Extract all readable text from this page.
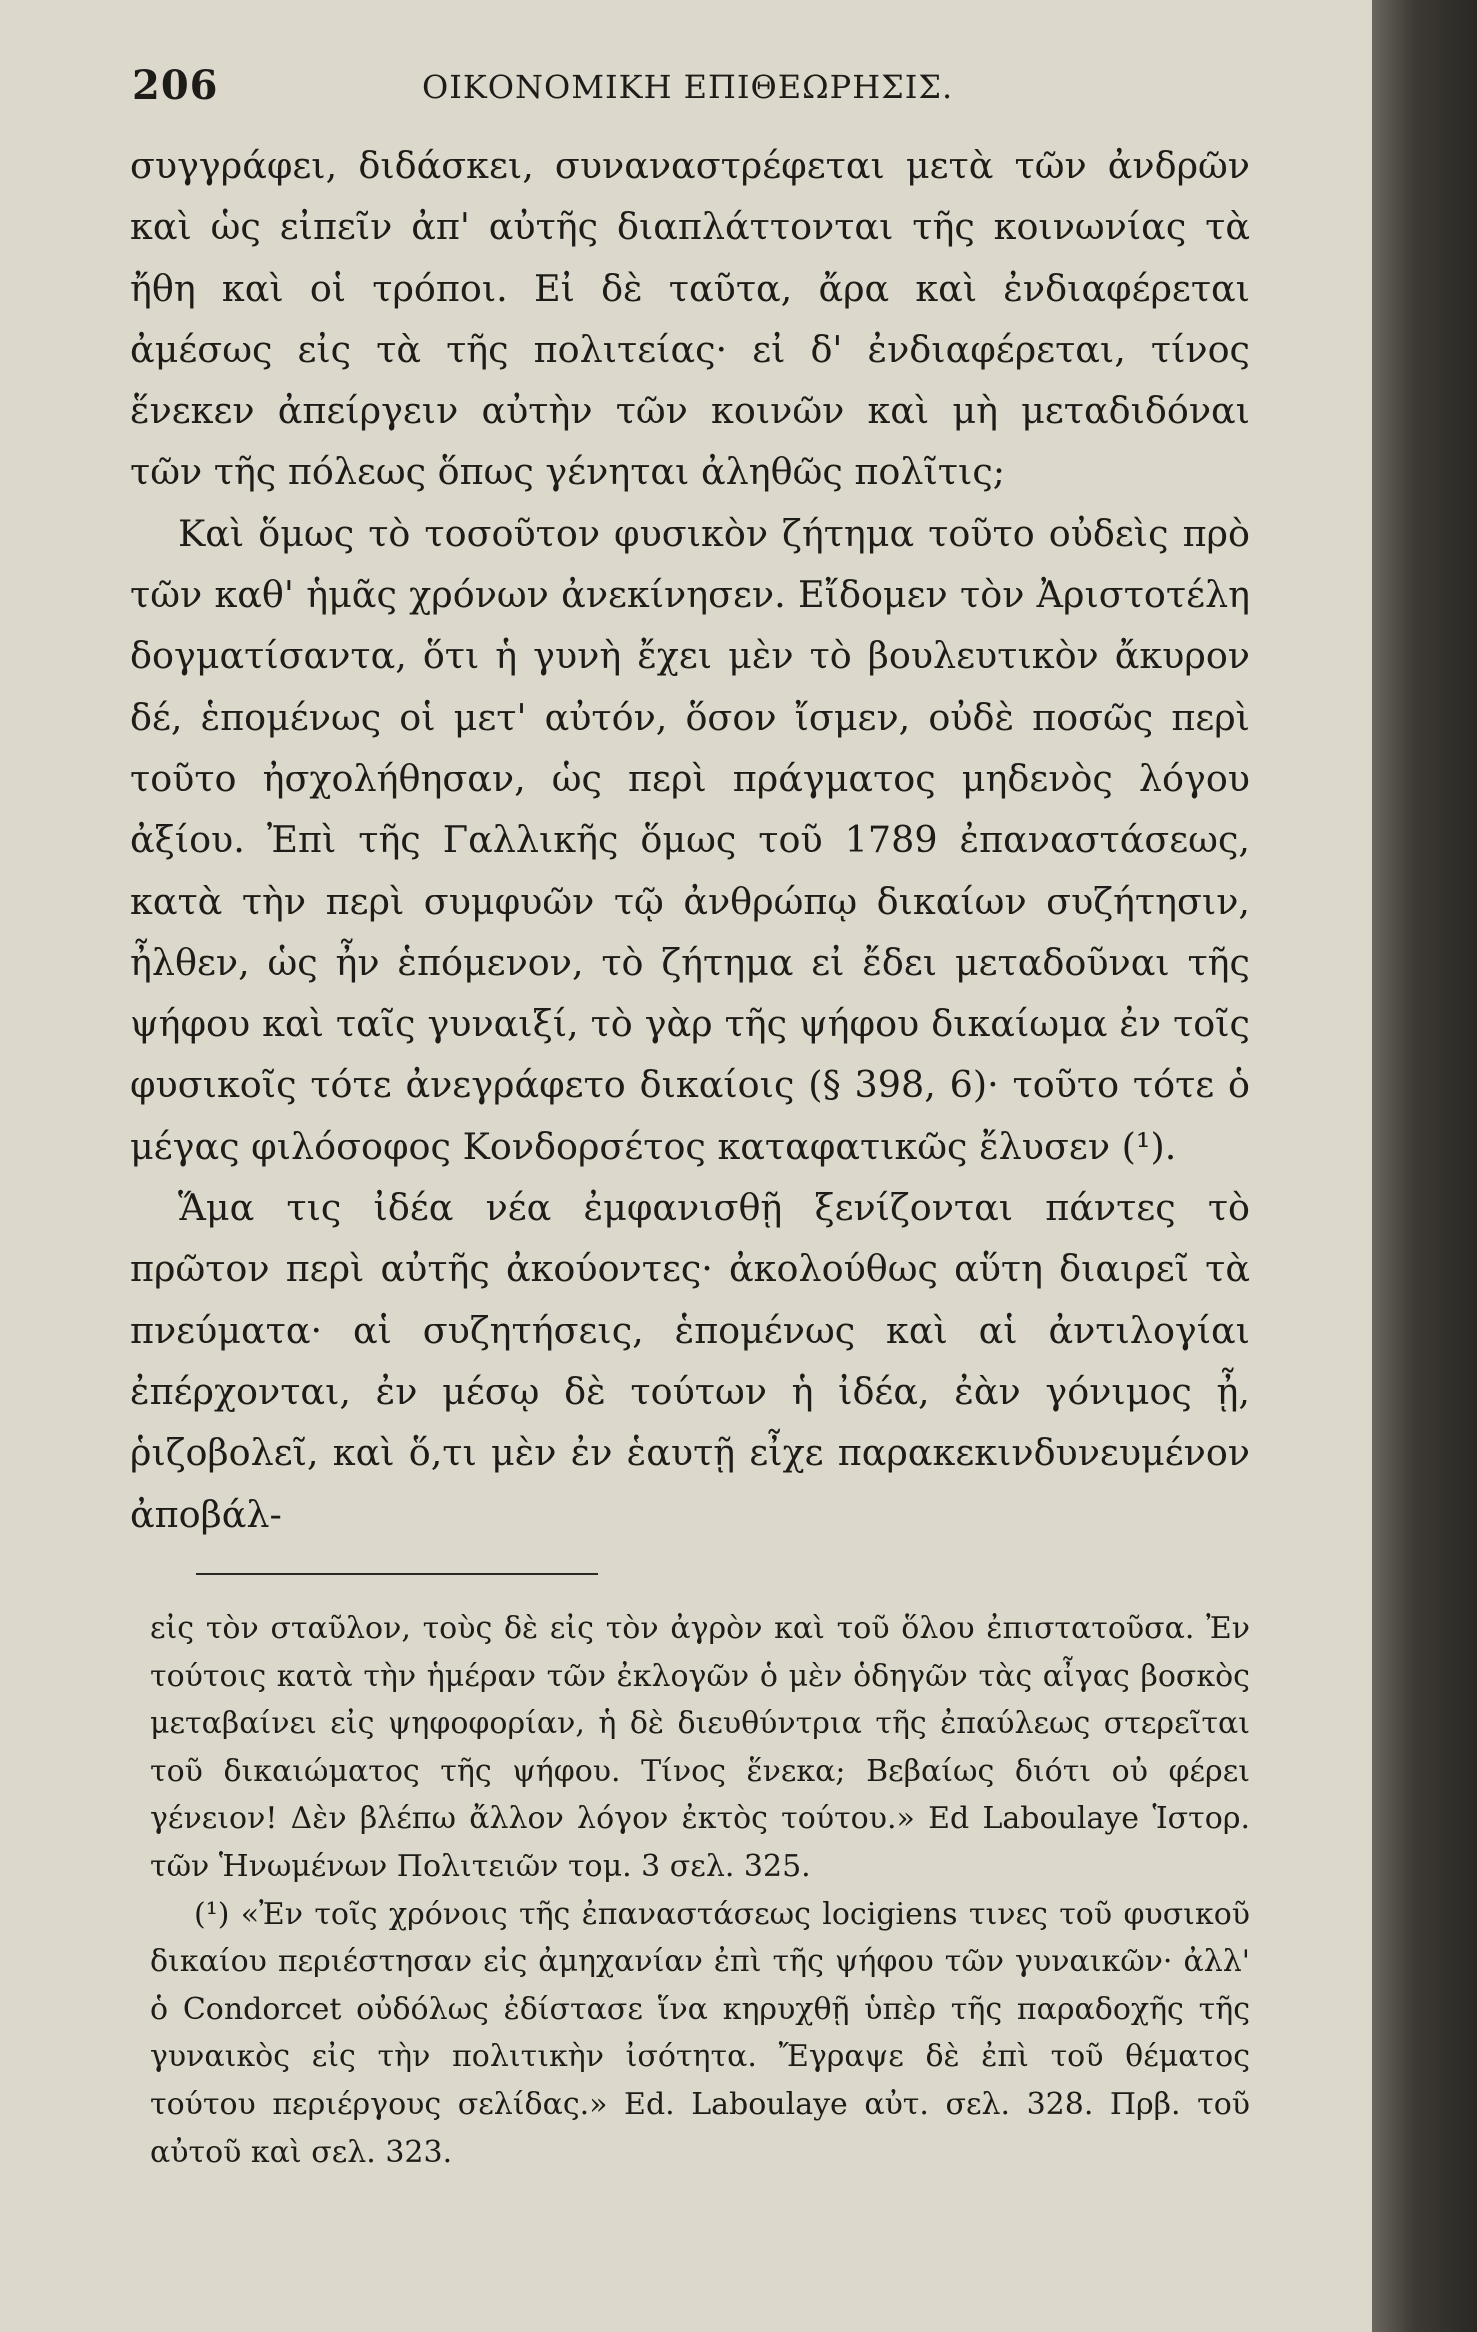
206	ΟΙΚΟΝΟΜΙΚΗ ΕΠΙΘΕΩΡΗΣΙΣ.

συγγράφει, διδάσκει, συναναστρέφεται μετὰ τῶν ἀνδρῶν καὶ ὡς εἰπεῖν ἀπ' αὐτῆς διαπλάττονται τῆς κοινωνίας τὰ ἤθη καὶ οἱ τρόποι. Εἰ δὲ ταῦτα, ἄρα καὶ ἐνδιαφέρεται ἀμέσως εἰς τὰ τῆς πολιτείας· εἰ δ' ἐνδιαφέρεται, τίνος ἕνεκεν ἀπείργειν αὐτὴν τῶν κοινῶν καὶ μὴ μεταδιδόναι τῶν τῆς πόλεως ὅπως γένηται ἀληθῶς πολῖτις;

Καὶ ὅμως τὸ τοσοῦτον φυσικὸν ζήτημα τοῦτο οὐδεὶς πρὸ τῶν καθ' ἡμᾶς χρόνων ἀνεκίνησεν. Εἴδομεν τὸν Ἀριστοτέλη δογματίσαντα, ὅτι ἡ γυνὴ ἔχει μὲν τὸ βουλευτικὸν ἄκυρον δέ, ἑπομένως οἱ μετ' αὐτόν, ὅσον ἴσμεν, οὐδὲ ποσῶς περὶ τοῦτο ἠσχολήθησαν, ὡς περὶ πράγματος μηδενὸς λόγου ἀξίου. Ἐπὶ τῆς Γαλλικῆς ὅμως τοῦ 1789 ἐπαναστάσεως, κατὰ τὴν περὶ συμφυῶν τῷ ἀνθρώπῳ δικαίων συζήτησιν, ἦλθεν, ὡς ἦν ἑπόμενον, τὸ ζήτημα εἰ ἔδει μεταδοῦναι τῆς ψήφου καὶ ταῖς γυναιξί, τὸ γὰρ τῆς ψήφου δικαίωμα ἐν τοῖς φυσικοῖς τότε ἀνεγράφετο δικαίοις (§ 398, 6)· τοῦτο τότε ὁ μέγας φιλόσοφος Κονδορσέτος καταφατικῶς ἔλυσεν (¹).

Ἅμα τις ἰδέα νέα ἐμφανισθῇ ξενίζονται πάντες τὸ πρῶτον περὶ αὐτῆς ἀκούοντες· ἀκολούθως αὕτη διαιρεῖ τὰ πνεύματα· αἱ συζητήσεις, ἑπομένως καὶ αἱ ἀντιλογίαι ἐπέρχονται, ἐν μέσῳ δὲ τούτων ἡ ἰδέα, ἐὰν γόνιμος ᾖ, ῥιζοβολεῖ, καὶ ὅ,τι μὲν ἐν ἑαυτῇ εἶχε παρακεκινδυνευμένον ἀποβάλ-

εἰς τὸν σταῦλον, τοὺς δὲ εἰς τὸν ἀγρὸν καὶ τοῦ ὅλου ἐπιστατοῦσα. Ἐν τούτοις κατὰ τὴν ἡμέραν τῶν ἐκλογῶν ὁ μὲν ὁδηγῶν τὰς αἶγας βοσκὸς μεταβαίνει εἰς ψηφοφορίαν, ἡ δὲ διευθύντρια τῆς ἐπαύλεως στερεῖται τοῦ δικαιώματος τῆς ψήφου. Τίνος ἕνεκα; Βεβαίως διότι οὐ φέρει γένειον! Δὲν βλέπω ἄλλον λόγον ἐκτὸς τούτου.» Ed Laboulaye Ἱστορ. τῶν Ἡνωμένων Πολιτειῶν τομ. 3 σελ. 325.

(¹) «Ἐν τοῖς χρόνοις τῆς ἐπαναστάσεως locigiens τινες τοῦ φυσικοῦ δικαίου περιέστησαν εἰς ἀμηχανίαν ἐπὶ τῆς ψήφου τῶν γυναικῶν· ἀλλ' ὁ Condorcet οὐδόλως ἐδίστασε ἵνα κηρυχθῇ ὑπὲρ τῆς παραδοχῆς τῆς γυναικὸς εἰς τὴν πολιτικὴν ἰσότητα. Ἔγραψε δὲ ἐπὶ τοῦ θέματος τούτου περιέργους σελίδας.» Ed. Laboulaye αὐτ. σελ. 328. Πρβ. τοῦ αὐτοῦ καὶ σελ. 323.
